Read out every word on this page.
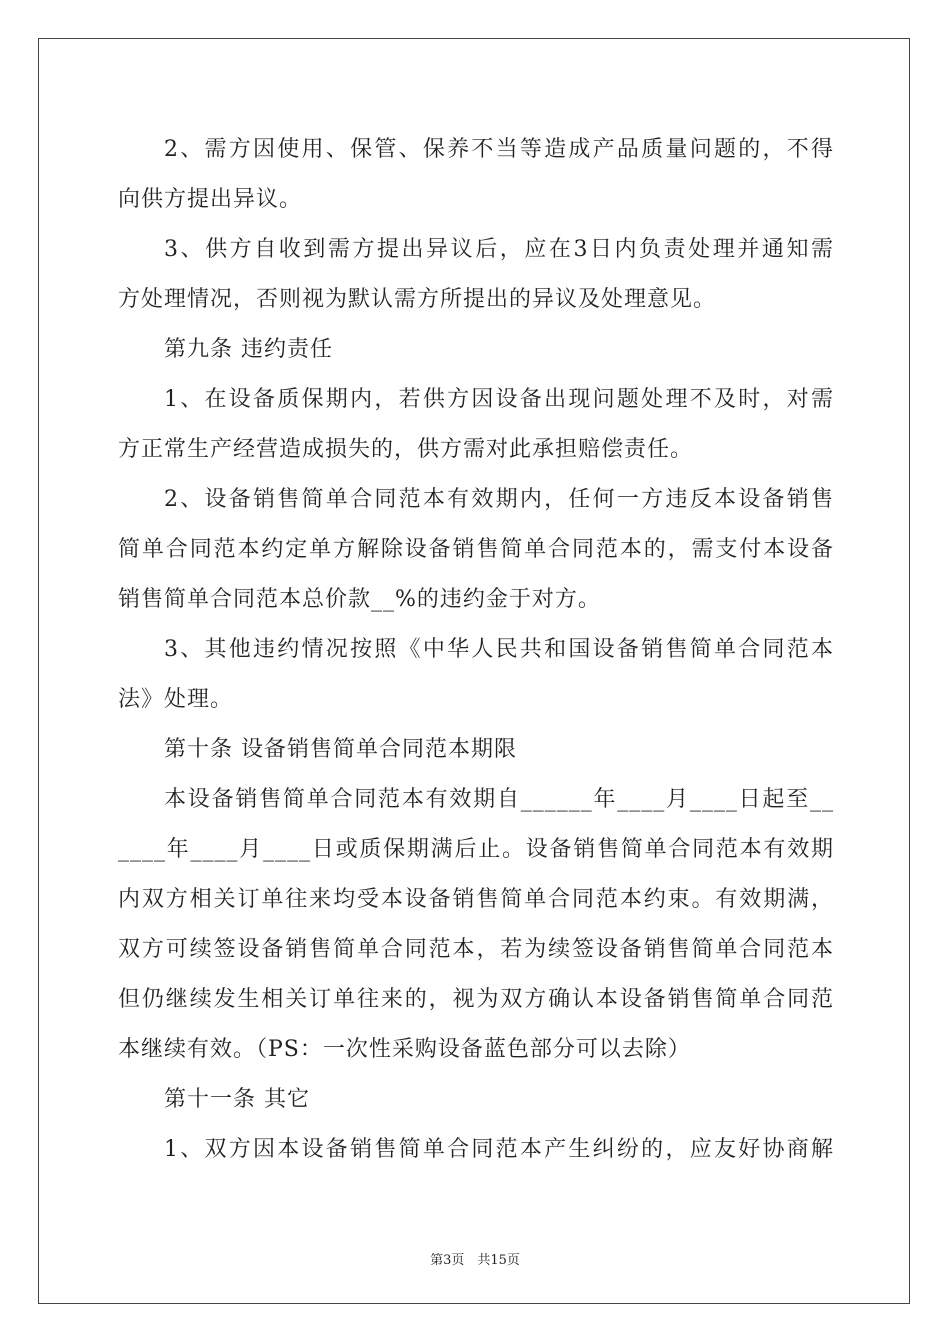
2、需方因使用、保管、保养不当等造成产品质量问题的，不得
向供方提出异议。
3、供方自收到需方提出异议后，应在3日内负责处理并通知需
方处理情况，否则视为默认需方所提出的异议及处理意见。
第九条 违约责任
1、在设备质保期内，若供方因设备出现问题处理不及时，对需
方正常生产经营造成损失的，供方需对此承担赔偿责任。
2、设备销售简单合同范本有效期内，任何一方违反本设备销售
简单合同范本约定单方解除设备销售简单合同范本的，需支付本设备
销售简单合同范本总价款__%的违约金于对方。
3、其他违约情况按照《中华人民共和国设备销售简单合同范本
法》处理。
第十条 设备销售简单合同范本期限
本设备销售简单合同范本有效期自______年____月____日起至__
____年____月____日或质保期满后止。设备销售简单合同范本有效期
内双方相关订单往来均受本设备销售简单合同范本约束。有效期满，
双方可续签设备销售简单合同范本，若为续签设备销售简单合同范本
但仍继续发生相关订单往来的，视为双方确认本设备销售简单合同范
本继续有效。（PS：一次性采购设备蓝色部分可以去除）
第十一条 其它
1、双方因本设备销售简单合同范本产生纠纷的，应友好协商解
第3页　共15页
